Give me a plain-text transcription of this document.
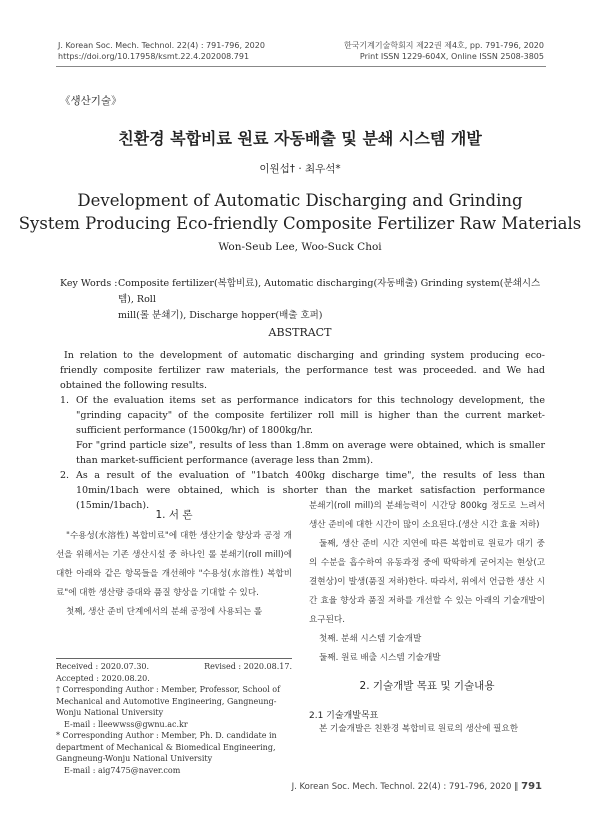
J. Korean Soc. Mech. Technol. 22(4) : 791-796, 2020
https://doi.org/10.17958/ksmt.22.4.202008.791
한국기계기술학회지 제22권 제4호, pp. 791-796, 2020
Print ISSN 1229-604X, Online ISSN 2508-3805
《생산기술》
친환경 복합비료 원료 자동배출 및 분쇄 시스템 개발
이원섭† · 최우석*
Development of Automatic Discharging and Grinding
System Producing Eco-friendly Composite Fertilizer Raw Materials
Won-Seub Lee, Woo-Suck Choi
Key Words : Composite fertilizer(복합비료), Automatic discharging(자동배출) Grinding system(분쇄시스템), Roll
mill(롤 분쇄기), Discharge hopper(배출 호퍼)
ABSTRACT
In relation to the development of automatic discharging and grinding system producing eco-friendly composite fertilizer raw materials, the performance test was proceeded. and We had obtained the following results.
1. Of the evaluation items set as performance indicators for this technology development, the "grinding capacity" of the composite fertilizer roll mill is higher than the current market-sufficient performance (1500kg/hr) of 1800kg/hr.
For "grind particle size", results of less than 1.8mm on average were obtained, which is smaller than market-sufficient performance (average less than 2mm).
2. As a result of the evaluation of "1batch 400kg discharge time", the results of less than 10min/1bach were obtained, which is shorter than the market satisfaction performance (15min/1bach).
1. 서 론

"수용성(水溶性) 복합비료"에 대한 생산기술 향상과 공정 개선을 위해서는 기존 생산시설 중 하나인 롤 분쇄기(roll mill)에 대한 아래와 같은 항목들을 개선해야 "수용성(水溶性) 복합비료"에 대한 생산량 증대와 품질 향상을 기대할 수 있다.

첫째, 생산 준비 단계에서의 분쇄 공정에 사용되는 롤

Received : 2020.07.30.	Revised : 2020.08.17.
Accepted : 2020.08.20.
† Corresponding Author : Member, Professor, School of Mechanical and Automotive Engineering, Gangneung-Wonju National University
E-mail : lleewwss@gwnu.ac.kr
* Corresponding Author : Member, Ph. D. candidate in department of Mechanical & Biomedical Engineering, Gangneung-Wonju National University
E-mail : aig7475@naver.com

분쇄기(roll mill)의 분쇄능력이 시간당 800kg 정도로 느려서 생산 준비에 대한 시간이 많이 소요된다.(생산 시간 효율 저하)

둘째, 생산 준비 시간 지연에 따른 복합비료 원료가 대기 중의 수분을 흡수하여 유동과정 중에 딱딱하게 굳어지는 현상(고결현상)이 발생(품질 저하)한다. 따라서, 위에서 언급한 생산 시간 효율 향상과 품질 저하를 개선할 수 있는 아래의 기술개발이 요구된다.

첫째. 분쇄 시스템 기술개발

둘째. 원료 배출 시스템 기술개발

2. 기술개발 목표 및 기술내용
2.1 기술개발목표

본 기술개발은 친환경 복합비료 원료의 생산에 필요한

J. Korean Soc. Mech. Technol. 22(4) : 791-796, 2020 ‖ 791
